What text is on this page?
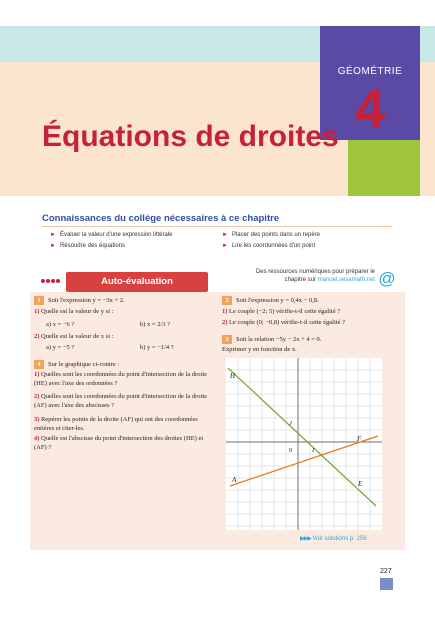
GÉOMÉTRIE
4
Équations de droites
Connaissances du collège nécessaires à ce chapitre
► Évaluer la valeur d'une expression littérale
► Résoudre des équations
► Placer des points dans un repère
► Lire les coordonnées d'un point

Auto-évaluation
Des ressources numériques pour préparer le chapitre sur manuel.sesamath.net @
1 Soit l'expression y = −3x + 2.
1) Quelle est la valeur de y si :
a) x = −6 ?	b) x = 2/3 ?
2) Quelle est la valeur de x si :
a) y = −5 ?	b) y = −1/4 ?
4 Sur le graphique ci-contre :
1) Quelles sont les coordonnées du point d'intersection de la droite (HE) avec l'axe des ordonnées ?
2) Quelles sont les coordonnées du point d'intersection de la droite (AF) avec l'axe des abscisses ?
3) Repérer les points de la droite (AF) qui ont des coordonnées entières et citer-les.
4) Quelle est l'abscisse du point d'intersection des droites (HE) et (AF) ?
2 Soit l'expression y = 0,4x − 0,8.
1) Le couple (−2; 5) vérifie-t-il cette égalité ?
2) Le couple (0; −0,8) vérifie-t-il cette égalité ?
3 Soit la relation −5y − 2x + 4 = 0.
Exprimer y en fonction de x.
H
F
E
A
J
I
0
▶▶▶ Voir solutions p. 259
227
